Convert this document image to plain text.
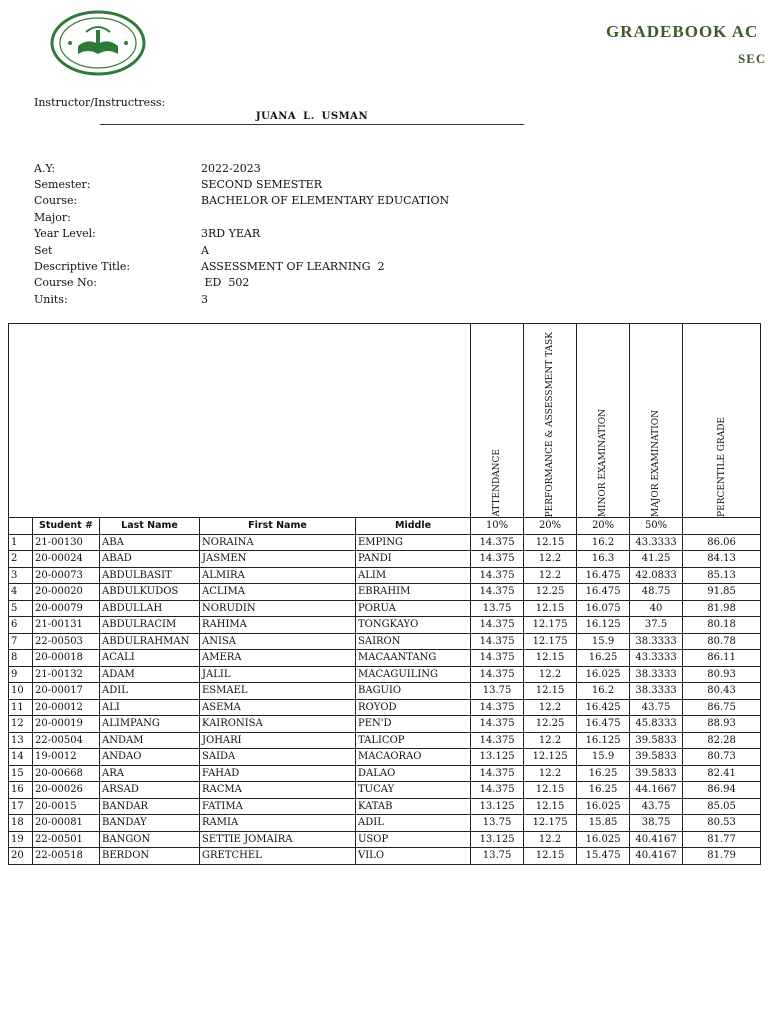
GRADEBOOK AC
SEC
Instructor/Instructress:
JUANA L. USMAN
A.Y:	2022-2023
Semester:	SECOND SEMESTER
Course:	BACHELOR OF ELEMENTARY EDUCATION
Major:
Year Level:	3RD YEAR
Set	A
Descriptive Title:	ASSESSMENT OF LEARNING  2
Course No:	ED  502
Units:	3

					ATTENDANCE	PERFORMANCE & ASSESSMENT TASK	MINOR EXAMINATION	MAJOR EXAMINATION	PERCENTILE GRADE

	Student #	Last Name	First Name	Middle	10%	20%	20%	50%	
1	21-00130	ABA	NORAINA	EMPING	14.375	12.15	16.2	43.3333	86.06
2	20-00024	ABAD	JASMEN	PANDI	14.375	12.2	16.3	41.25	84.13
3	20-00073	ABDULBASIT	ALMIRA	ALIM	14.375	12.2	16.475	42.0833	85.13
4	20-00020	ABDULKUDOS	ACLIMA	EBRAHIM	14.375	12.25	16.475	48.75	91.85
5	20-00079	ABDULLAH	NORUDIN	PORUA	13.75	12.15	16.075	40	81.98
6	21-00131	ABDULRACIM	RAHIMA	TONGKAYO	14.375	12.175	16.125	37.5	80.18
7	22-00503	ABDULRAHMAN	ANISA	SAIRON	14.375	12.175	15.9	38.3333	80.78
8	20-00018	ACALI	AMERA	MACAANTANG	14.375	12.15	16.25	43.3333	86.11
9	21-00132	ADAM	JALIL	MACAGUILING	14.375	12.2	16.025	38.3333	80.93
10	20-00017	ADIL	ESMAEL	BAGUIO	13.75	12.15	16.2	38.3333	80.43
11	20-00012	ALI	ASEMA	ROYOD	14.375	12.2	16.425	43.75	86.75
12	20-00019	ALIMPANG	KAIRONISA	PEN'D	14.375	12.25	16.475	45.8333	88.93
13	22-00504	ANDAM	JOHARI	TALICOP	14.375	12.2	16.125	39.5833	82.28
14	19-0012	ANDAO	SAIDA	MACAORAO	13.125	12.125	15.9	39.5833	80.73
15	20-00668	ARA	FAHAD	DALAO	14.375	12.2	16.25	39.5833	82.41
16	20-00026	ARSAD	RACMA	TUCAY	14.375	12.15	16.25	44.1667	86.94
17	20-0015	BANDAR	FATIMA	KATAB	13.125	12.15	16.025	43.75	85.05
18	20-00081	BANDAY	RAMIA	ADIL	13.75	12.175	15.85	38.75	80.53
19	22-00501	BANGON	SETTIE JOMAIRA	USOP	13.125	12.2	16.025	40.4167	81.77
20	22-00518	BERDON	GRETCHEL	VILO	13.75	12.15	15.475	40.4167	81.79
